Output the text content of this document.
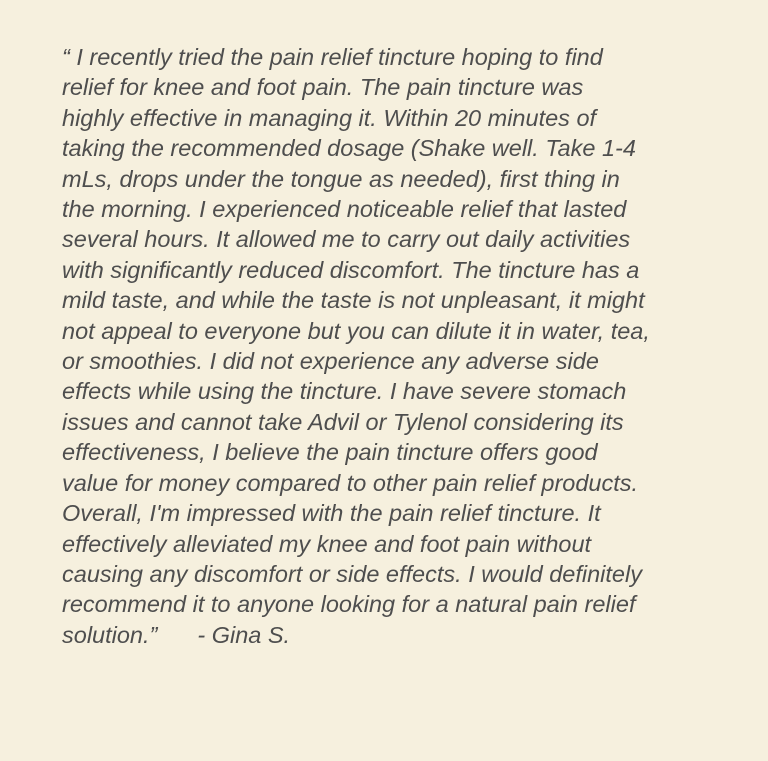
“ I recently tried the pain relief tincture hoping to find
relief for knee and foot pain. The pain tincture was
highly effective in managing it. Within 20 minutes of
taking the recommended dosage (Shake well. Take 1-4
mLs, drops under the tongue as needed), first thing in
the morning. I experienced noticeable relief that lasted
several hours. It allowed me to carry out daily activities
with significantly reduced discomfort. The tincture has a
mild taste, and while the taste is not unpleasant, it might
not appeal to everyone but you can dilute it in water, tea,
or smoothies. I did not experience any adverse side
effects while using the tincture. I have severe stomach
issues and cannot take Advil or Tylenol considering its
effectiveness, I believe the pain tincture offers good
value for money compared to other pain relief products.
Overall, I'm impressed with the pain relief tincture. It
effectively alleviated my knee and foot pain without
causing any discomfort or side effects. I would definitely
recommend it to anyone looking for a natural pain relief
solution.” - Gina S.
